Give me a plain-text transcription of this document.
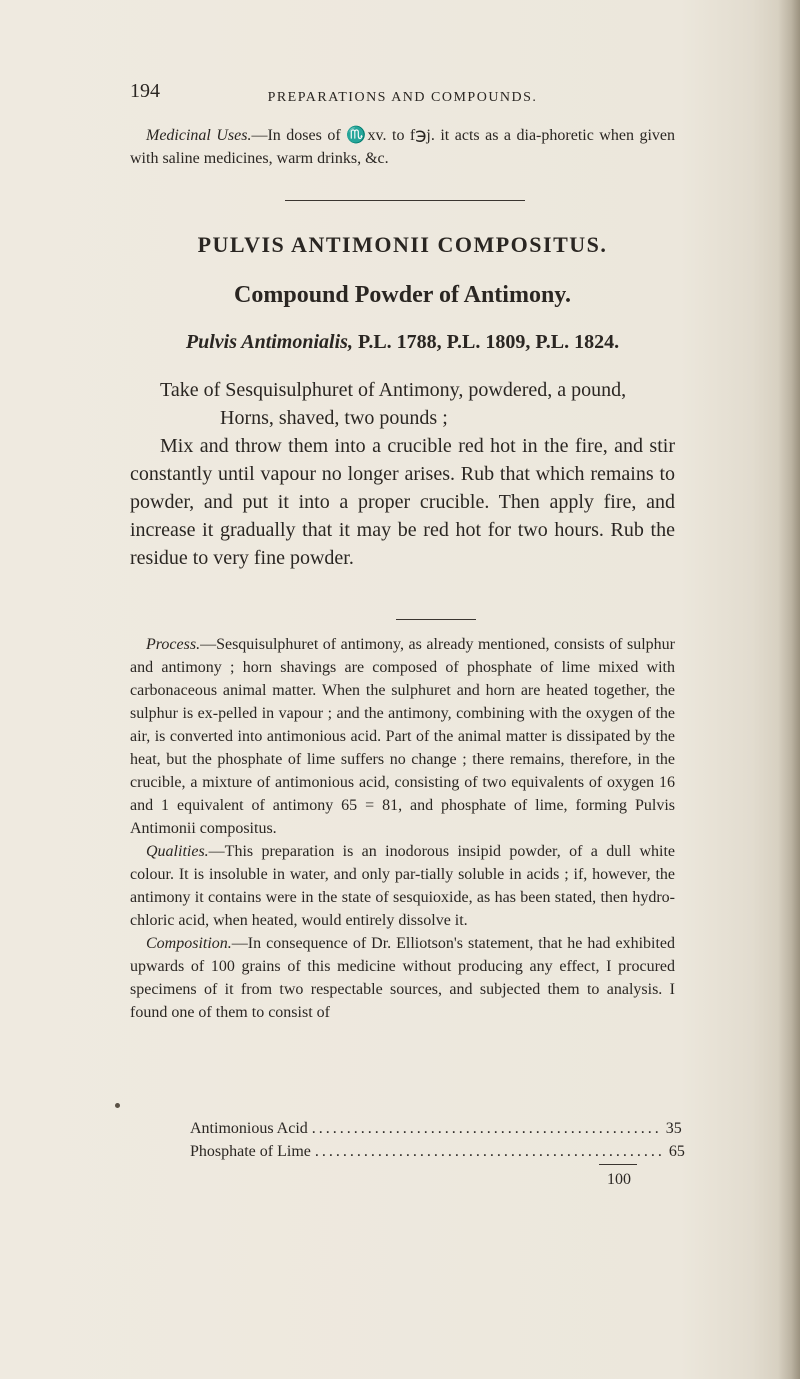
194	PREPARATIONS AND COMPOUNDS.

Medicinal Uses.—In doses of ♏xv. to f℈j. it acts as a dia-phoretic when given with saline medicines, warm drinks, &c.

PULVIS ANTIMONII COMPOSITUS.
Compound Powder of Antimony.

Pulvis Antimonialis, P.L. 1788, P.L. 1809, P.L. 1824.

Take of Sesquisulphuret of Antimony, powdered, a pound,

Horns, shaved, two pounds ;

Mix and throw them into a crucible red hot in the fire, and stir constantly until vapour no longer arises. Rub that which remains to powder, and put it into a proper crucible. Then apply fire, and increase it gradually that it may be red hot for two hours. Rub the residue to very fine powder.

Process.—Sesquisulphuret of antimony, as already mentioned, consists of sulphur and antimony ; horn shavings are composed of phosphate of lime mixed with carbonaceous animal matter. When the sulphuret and horn are heated together, the sulphur is ex-pelled in vapour ; and the antimony, combining with the oxygen of the air, is converted into antimonious acid. Part of the animal matter is dissipated by the heat, but the phosphate of lime suffers no change ; there remains, therefore, in the crucible, a mixture of antimonious acid, consisting of two equivalents of oxygen 16 and 1 equivalent of antimony 65 = 81, and phosphate of lime, forming Pulvis Antimonii compositus.

Qualities.—This preparation is an inodorous insipid powder, of a dull white colour. It is insoluble in water, and only par-tially soluble in acids ; if, however, the antimony it contains were in the state of sesquioxide, as has been stated, then hydro-chloric acid, when heated, would entirely dissolve it.

Composition.—In consequence of Dr. Elliotson's statement, that he had exhibited upwards of 100 grains of this medicine without producing any effect, I procured specimens of it from two respectable sources, and subjected them to analysis. I found one of them to consist of

Antimonious Acid .................................................. 35
Phosphate of Lime .................................................. 65
100
